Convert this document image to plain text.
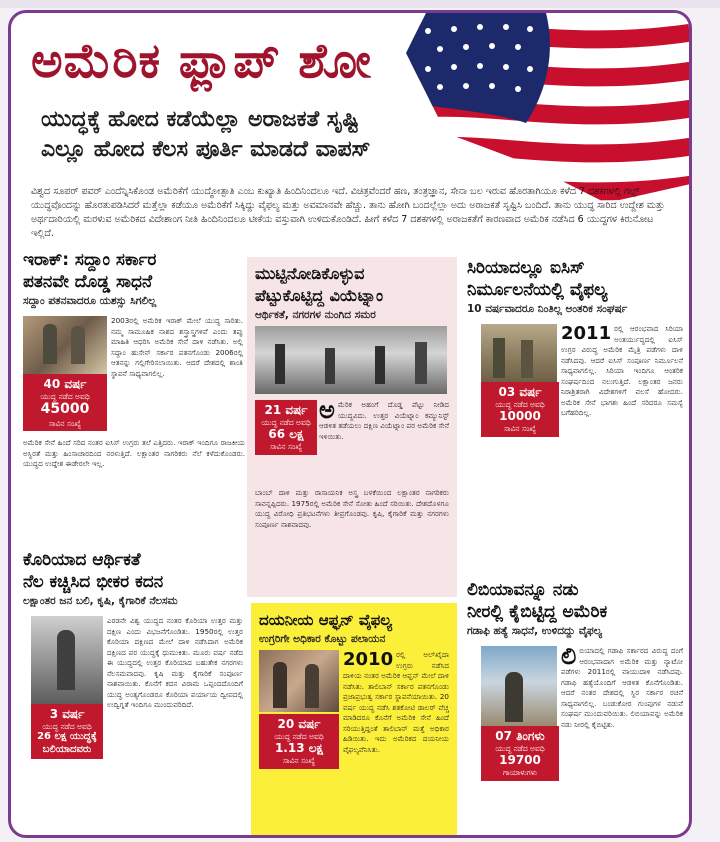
ಅಮೆರಿಕ ಫ್ಲಾಪ್ ಶೋ
ಯುದ್ಧಕ್ಕೆ ಹೋದ ಕಡೆಯೆಲ್ಲಾ ಅರಾಜಕತೆ ಸೃಷ್ಟಿ
ಎಲ್ಲೂ ಹೋದ ಕೆಲಸ ಪೂರ್ತಿ ಮಾಡದೆ ವಾಪಸ್

ವಿಶ್ವದ ಸೂಪರ್ ಪವರ್ ಎಂದೆನ್ನಿಸಿಕೊಂಡ ಅಮೆರಿಕೆಗೆ ಯುದ್ಧೋತ್ಪಾತಿ ಎಂಬ ಕುಖ್ಯಾತಿ ಹಿಂದಿನಿಂದಲೂ ಇದೆ. ವಿಚಿತ್ರವೆಂದರೆ ಹಣ, ತಂತ್ರಜ್ಞಾನ, ಸೇನಾ ಬಲ ಇರುವ ಹೊರತಾಗಿಯೂ ಕಳೆದ 7 ದಶಕಗಳಲ್ಲಿ ಗಲ್ಫ್ ಯುದ್ಧವೊಂದನ್ನು ಹೊರತುಪಡಿಸಿದರೆ ಮತ್ತೆಲ್ಲಾ ಕಡೆಯೂ ಅಮೆರಿಕೆಗೆ ಸಿಕ್ಕಿದ್ದು ವೈಫಲ್ಯ ಮತ್ತು ಅವಮಾನವೇ ಹೆಚ್ಚು. ತಾನು ಹೋಗಿ ಬಂದಲ್ಲೆಲ್ಲಾ ಅದು ಅರಾಜಕತೆ ಸೃಷ್ಟಿಸಿ ಬಂದಿದೆ. ತಾನು ಯುದ್ಧ ಸಾರಿದ ಉದ್ದೇಶ ಮತ್ತು ಅರ್ಥದಾರಿಯಲ್ಲಿ ಮರಳುವ ಅಮೆರಿಕದ ವಿದೇಶಾಂಗ ನೀತಿ ಹಿಂದಿನಿಂದಲೂ ಟೀಕೆಯ ವಸ್ತುವಾಗಿ ಉಳಿದುಕೊಂಡಿದೆ. ಹೀಗೆ ಕಳೆದ 7 ದಶಕಗಳಲ್ಲಿ ಅರಾಜಕತೆಗೆ ಕಾರಣವಾದ ಅಮೆರಿಕ ನಡೆಸಿದ 6 ಯುದ್ಧಗಳ ಕಿರುನೋಟ ಇಲ್ಲಿದೆ.

ಇರಾಕ್: ಸದ್ದಾಂ ಸರ್ಕಾರ
ಪತನವೇ ದೊಡ್ಡ ಸಾಧನೆ
ಸದ್ದಾಂ ಪತನವಾದರೂ ಯಶಸ್ಸು ಸಿಗಲಿಲ್ಲ
40 ವರ್ಷ
ಯುದ್ಧ ನಡೆದ ಅವಧಿ
45000
ಸಾವಿನ ಸಂಖ್ಯೆ

2003ರಲ್ಲಿ ಅಮೆರಿಕ ಇರಾಕ್ ಮೇಲೆ ಯುದ್ಧ ಸಾರಿತು. ನಮ್ಮ ಸಾಮೂಹಿಕ ನಾಶದ ಶಸ್ತ್ರಾಸ್ತ್ರಗಳಿವೆ ಎಂದು ತಪ್ಪು ಮಾಹಿತಿ ಆಧರಿಸಿ ಅಮೆರಿಕ ಸೇನೆ ದಾಳಿ ನಡೆಸಿತು. ಅಲ್ಲಿ ಸದ್ದಾಂ ಹುಸೇನ್ ಸರ್ಕಾರ ಪತನಗೊಂಡು 2006ರಲ್ಲಿ ಆತನನ್ನು ಗಲ್ಲಿಗೇರಿಸಲಾಯಿತು. ಆದರೆ ದೇಶದಲ್ಲಿ ಶಾಂತಿ ಸ್ಥಾಪನೆ ಸಾಧ್ಯವಾಗಲಿಲ್ಲ.

ಅಮೆರಿಕ ಸೇನೆ ಹಿಂದೆ ಸರಿದ ನಂತರ ಐಸಿಸ್ ಉಗ್ರರು ತಲೆ ಎತ್ತಿದರು. ಇರಾಕ್ ಇಂದಿಗೂ ರಾಜಕೀಯ ಅಸ್ಥಿರತೆ ಮತ್ತು ಹಿಂಸಾಚಾರದಿಂದ ನರಳುತ್ತಿದೆ. ಲಕ್ಷಾಂತರ ನಾಗರಿಕರು ನೆಲೆ ಕಳೆದುಕೊಂಡರು. ಯುದ್ಧದ ಉದ್ದೇಶ ಈಡೇರಲೇ ಇಲ್ಲ.

ಕೊರಿಯಾದ ಆರ್ಥಿಕತೆ
ನೆಲ ಕಚ್ಚಿಸಿದ ಭೀಕರ ಕದನ
ಲಕ್ಷಾಂತರ ಜನ ಬಲಿ, ಕೃಷಿ, ಕೈಗಾರಿಕೆ ನೆಲಸಮ
3 ವರ್ಷ
ಯುದ್ಧ ನಡೆದ ಅವಧಿ
26 ಲಕ್ಷ ಯುದ್ಧಕ್ಕೆ ಬಲಿಯಾದವರು

ಎರಡನೇ ವಿಶ್ವ ಯುದ್ಧದ ನಂತರ ಕೊರಿಯಾ ಉತ್ತರ ಮತ್ತು ದಕ್ಷಿಣ ಎಂದು ವಿಭಜನೆಗೊಂಡಿತು. 1950ರಲ್ಲಿ ಉತ್ತರ ಕೊರಿಯಾ ದಕ್ಷಿಣದ ಮೇಲೆ ದಾಳಿ ನಡೆಸಿದಾಗ ಅಮೆರಿಕ ದಕ್ಷಿಣದ ಪರ ಯುದ್ಧಕ್ಕೆ ಧುಮುಕಿತು. ಮೂರು ವರ್ಷ ನಡೆದ ಈ ಯುದ್ಧದಲ್ಲಿ ಉತ್ತರ ಕೊರಿಯಾದ ಬಹುತೇಕ ನಗರಗಳು ನೆಲಸಮವಾದವು. ಕೃಷಿ ಮತ್ತು ಕೈಗಾರಿಕೆ ಸಂಪೂರ್ಣ ನಾಶವಾಯಿತು. ಕೊನೆಗೆ ಕದನ ವಿರಾಮ ಒಪ್ಪಂದದೊಂದಿಗೆ ಯುದ್ಧ ಅಂತ್ಯಗೊಂಡರೂ ಕೊರಿಯಾ ಪರ್ಯಾಯ ದ್ವೀಪದಲ್ಲಿ ಉದ್ವಿಗ್ನತೆ ಇಂದಿಗೂ ಮುಂದುವರಿದಿದೆ.

ಮುಟ್ಟಿನೋಡಿಕೊಳ್ಳುವ
ಪೆಟ್ಟುಕೊಟ್ಟಿದ್ದ ವಿಯೆಟ್ನಾಂ
ಆರ್ಥಿಕತೆ, ನಗರಗಳ ನುಂಗಿದ ಸಮರ
21 ವರ್ಷ
ಯುದ್ಧ ನಡೆದ ಅವಧಿ
66 ಲಕ್ಷ
ಸಾವಿನ ಸಂಖ್ಯೆ
ಅ ಮೆರಿಕ ಅಹಂಗೆ ದೊಡ್ಡ ಪೆಟ್ಟು ನೀಡಿದ ಯುದ್ಧವಿದು. ಉತ್ತರ ವಿಯೆಟ್ನಾಂ ಕಮ್ಯುನಿಸ್ಟ್ ಆಡಳಿತ ತಡೆಯಲು ದಕ್ಷಿಣ ವಿಯೆಟ್ನಾಂ ಪರ ಅಮೆರಿಕ ಸೇನೆ ಇಳಿಯಿತು.

ಬಾಂಬ್ ದಾಳಿ ಮತ್ತು ರಾಸಾಯನಿಕ ಅಸ್ತ್ರ ಬಳಕೆಯಿಂದ ಲಕ್ಷಾಂತರ ನಾಗರಿಕರು ಸಾವನ್ನಪ್ಪಿದರು. 1975ರಲ್ಲಿ ಅಮೆರಿಕ ಸೇನೆ ಸೋತು ಹಿಂದೆ ಸರಿಯಿತು. ದೇಶದೊಳಗೂ ಯುದ್ಧ ವಿರೋಧಿ ಪ್ರತಿಭಟನೆಗಳು ತೀವ್ರಗೊಂಡವು. ಕೃಷಿ, ಕೈಗಾರಿಕೆ ಮತ್ತು ನಗರಗಳು ಸಂಪೂರ್ಣ ನಾಶವಾದವು.

ದಯನೀಯ ಆಫ್ಘನ್ ವೈಫಲ್ಯ
ಉಗ್ರರಿಗೇ ಅಧಿಕಾರ ಕೊಟ್ಟು ಪಲಾಯನ
20 ವರ್ಷ
ಯುದ್ಧ ನಡೆದ ಅವಧಿ
1.13 ಲಕ್ಷ
ಸಾವಿನ ಸಂಖ್ಯೆ
2010 ರಲ್ಲಿ ಅಲ್‌ಖೈದಾ ಉಗ್ರರು ನಡೆಸಿದ ದಾಳಿಯ ನಂತರ ಅಮೆರಿಕ ಆಫ್ಘನ್ ಮೇಲೆ ದಾಳಿ ನಡೆಸಿತು. ತಾಲಿಬಾನ್ ಸರ್ಕಾರ ಪತನಗೊಂಡು ಪ್ರಜಾಪ್ರಭುತ್ವ ಸರ್ಕಾರ ಸ್ಥಾಪನೆಯಾಯಿತು. 20 ವರ್ಷ ಯುದ್ಧ ನಡೆಸಿ ಶತಕೋಟಿ ಡಾಲರ್ ವೆಚ್ಚ ಮಾಡಿದರೂ ಕೊನೆಗೆ ಅಮೆರಿಕ ಸೇನೆ ಹಿಂದೆ ಸರಿಯುತ್ತಿದ್ದಂತೆ ತಾಲಿಬಾನ್ ಮತ್ತೆ ಅಧಿಕಾರ ಹಿಡಿಯಿತು. ಇದು ಅಮೆರಿಕದ ದಯನೀಯ ವೈಫಲ್ಯವೆನಿಸಿತು.

ಸಿರಿಯಾದಲ್ಲೂ ಐಸಿಸ್
ನಿರ್ಮೂಲನೆಯಲ್ಲಿ ವೈಫಲ್ಯ
10 ವರ್ಷವಾದರೂ ನಿಂತಿಲ್ಲ ಅಂತರಿಕ ಸಂಘರ್ಷ
03 ವರ್ಷ
ಯುದ್ಧ ನಡೆದ ಅವಧಿ
10000
ಸಾವಿನ ಸಂಖ್ಯೆ
2011 ರಲ್ಲಿ ಆರಂಭವಾದ ಸಿರಿಯಾ ಅಂತರ್ಯುದ್ಧದಲ್ಲಿ ಐಸಿಸ್ ಉಗ್ರರ ವಿರುದ್ಧ ಅಮೆರಿಕ ಮೈತ್ರಿ ಪಡೆಗಳು ದಾಳಿ ನಡೆಸಿದವು. ಆದರೆ ಐಸಿಸ್ ಸಂಪೂರ್ಣ ನಿರ್ಮೂಲನೆ ಸಾಧ್ಯವಾಗಲಿಲ್ಲ. ಸಿರಿಯಾ ಇಂದಿಗೂ ಆಂತರಿಕ ಸಂಘರ್ಷದಿಂದ ನಲುಗುತ್ತಿದೆ. ಲಕ್ಷಾಂತರ ಜನರು ನಿರಾಶ್ರಿತರಾಗಿ ವಿದೇಶಗಳಿಗೆ ವಲಸೆ ಹೋದರು. ಅಮೆರಿಕ ಸೇನೆ ಭಾಗಶಃ ಹಿಂದೆ ಸರಿದರೂ ಸಮಸ್ಯೆ ಬಗೆಹರಿದಿಲ್ಲ.

ಲಿಬಿಯಾವನ್ನೂ ನಡು
ನೀರಲ್ಲಿ ಕೈಬಿಟ್ಟಿದ್ದ ಅಮೆರಿಕ
ಗಡಾಫಿ ಹತ್ಯೆ ಸಾಧನೆ, ಉಳಿದದ್ದು ವೈಫಲ್ಯ
07 ತಿಂಗಳು
ಯುದ್ಧ ನಡೆದ ಅವಧಿ
19700
ಗಾಯಾಳುಗಳು
ಲಿ ಬಿಯಾದಲ್ಲಿ ಗಡಾಫಿ ಸರ್ಕಾರದ ವಿರುದ್ಧ ದಂಗೆ ಆರಂಭವಾದಾಗ ಅಮೆರಿಕ ಮತ್ತು ನ್ಯಾಟೋ ಪಡೆಗಳು 2011ರಲ್ಲಿ ವಾಯುದಾಳಿ ನಡೆಸಿದವು. ಗಡಾಫಿ ಹತ್ಯೆಯೊಂದಿಗೆ ಆಡಳಿತ ಕೊನೆಗೊಂಡಿತು. ಆದರೆ ನಂತರ ದೇಶದಲ್ಲಿ ಸ್ಥಿರ ಸರ್ಕಾರ ರಚನೆ ಸಾಧ್ಯವಾಗಲಿಲ್ಲ. ಬಂಡುಕೋರ ಗುಂಪುಗಳ ನಡುವೆ ಸಂಘರ್ಷ ಮುಂದುವರಿಯಿತು. ಲಿಬಿಯಾವನ್ನು ಅಮೆರಿಕ ನಡು ನೀರಲ್ಲಿ ಕೈಬಿಟ್ಟಿತು.
